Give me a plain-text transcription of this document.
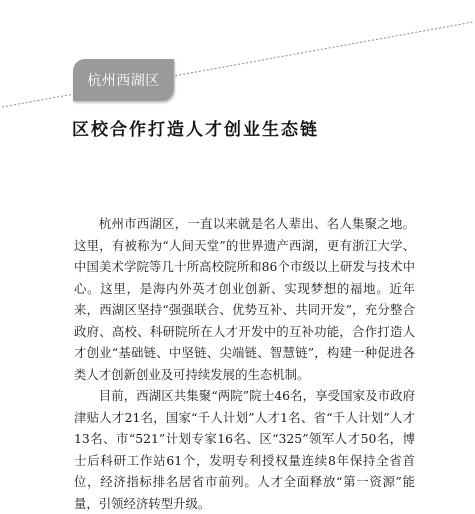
杭州西湖区
区校合作打造人才创业生态链

杭州市西湖区，一直以来就是名人辈出、名人集聚之地。这里，有被称为“人间天堂”的世界遗产西湖，更有浙江大学、中国美术学院等几十所高校院所和86个市级以上研发与技术中心。这里，是海内外英才创业创新、实现梦想的福地。近年来，西湖区坚持“强强联合、优势互补、共同开发”，充分整合政府、高校、科研院所在人才开发中的互补功能，合作打造人才创业“基础链、中坚链、尖端链、智慧链”，构建一种促进各类人才创新创业及可持续发展的生态机制。

目前，西湖区共集聚“两院”院士46名，享受国家及市政府津贴人才21名，国家“千人计划”人才1名、省“千人计划”人才13名、市“521”计划专家16名、区“325”领军人才50名，博士后科研工作站61个，发明专利授权量连续8年保持全省首位，经济指标排名居省市前列。人才全面释放“第一资源”能量，引领经济转型升级。
